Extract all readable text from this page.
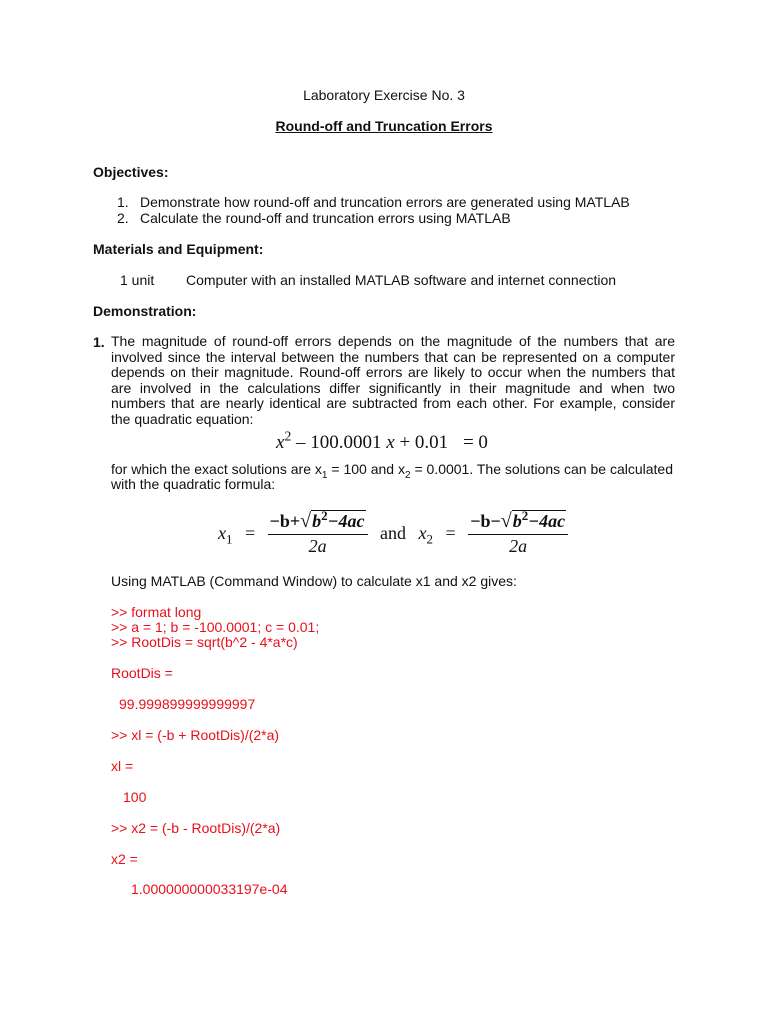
Laboratory Exercise No. 3
Round-off and Truncation Errors
Objectives:
1. Demonstrate how round-off and truncation errors are generated using MATLAB
2. Calculate the round-off and truncation errors using MATLAB
Materials and Equipment:
1 unit Computer with an installed MATLAB software and internet connection
Demonstration:
1. The magnitude of round-off errors depends on the magnitude of the numbers that are involved since the interval between the numbers that can be represented on a computer depends on their magnitude. Round-off errors are likely to occur when the numbers that are involved in the calculations differ significantly in their magnitude and when two numbers that are nearly identical are subtracted from each other. For example, consider the quadratic equation:
$x^2 - 100.0001$ x + 0.01 = 0
for which the exact solutions are $x_1 = 100$ and $x_2 = 0.0001$. The solutions can be calculated
with the quadratic formula:
$x_1 = \frac{-b+√b^2-4ac}{2a}$ and $x_2 = \frac{-b-√b^2-4ac}{2a}$
Using MATLAB (Command Window) to calculate x1 and x2 gives:
>> format long
>> a = 1; b = -100.0001; c = 0.01;
>> RootDis = sqrt(b^2 - 4*a*c)
RootDis =
99.999899999999997
>> xl = (-b + RootDis)/(2*a)
xl =
100
>> x2 = (-b - RootDis)/(2*a)
x2 =
1.000000000033197e-04
